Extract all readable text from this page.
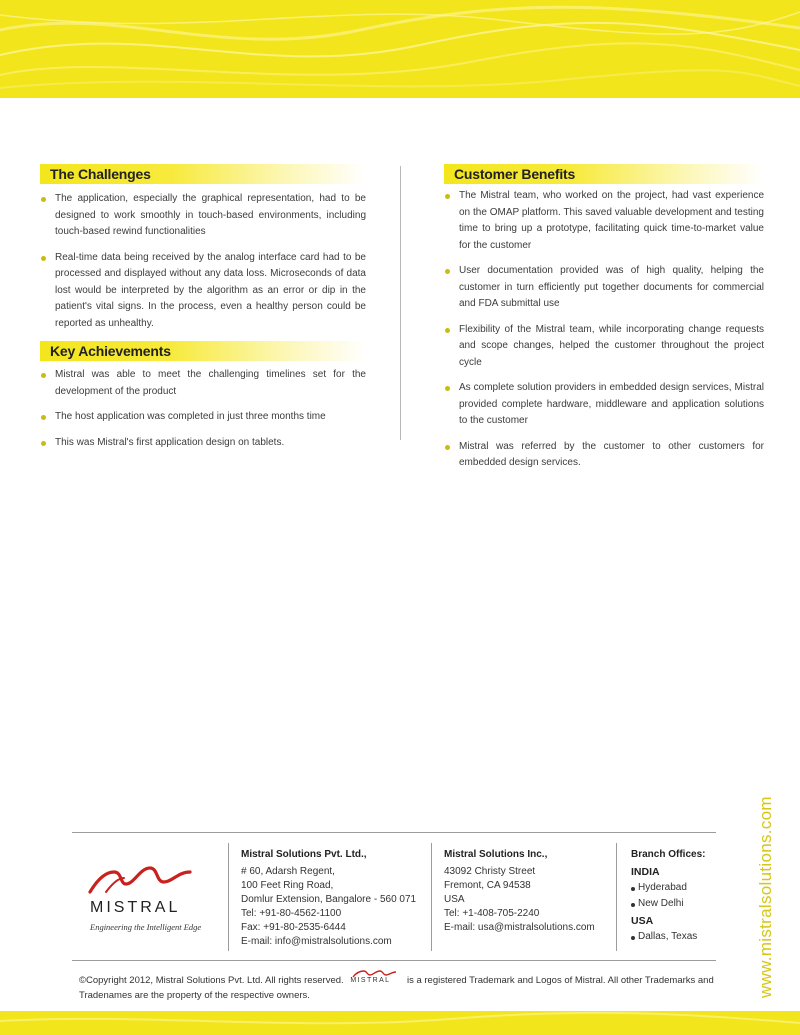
The Challenges
The application, especially the graphical representation, had to be designed to work smoothly in touch-based environments, including touch-based rewind functionalities
Real-time data being received by the analog interface card had to be processed and displayed without any data loss. Microseconds of data lost would be interpreted by the algorithm as an error or dip in the patient's vital signs. In the process, even a healthy person could be reported as unhealthy.
Key Achievements
Mistral was able to meet the challenging timelines set for the development of the product
The host application was completed in just three months time
This was Mistral's first application design on tablets.
Customer Benefits
The Mistral team, who worked on the project, had vast experience on the OMAP platform. This saved valuable development and testing time to bring up a prototype, facilitating quick time-to-market value for the customer
User documentation provided was of high quality, helping the customer in turn efficiently put together documents for commercial and FDA submittal use
Flexibility of the Mistral team, while incorporating change requests and scope changes, helped the customer throughout the project cycle
As complete solution providers in embedded design services, Mistral provided complete hardware, middleware and application solutions to the customer
Mistral was referred by the customer to other customers for embedded design services.
www.mistralsolutions.com
MISTRAL
Engineering the Intelligent Edge
Mistral Solutions Pvt. Ltd.,
# 60, Adarsh Regent,
100 Feet Ring Road,
Domlur Extension, Bangalore - 560 071
Tel: +91-80-4562-1100
Fax: +91-80-2535-6444
E-mail: info@mistralsolutions.com
Mistral Solutions Inc.,
43092 Christy Street
Fremont, CA 94538
USA
Tel: +1-408-705-2240
E-mail: usa@mistralsolutions.com
Branch Offices:
INDIA
Hyderabad
New Delhi
USA
Dallas, Texas
©Copyright 2012, Mistral Solutions Pvt. Ltd. All rights reserved. MISTRAL is a registered Trademark and Logos of Mistral. All other Trademarks and Tradenames are the property of the respective owners.
